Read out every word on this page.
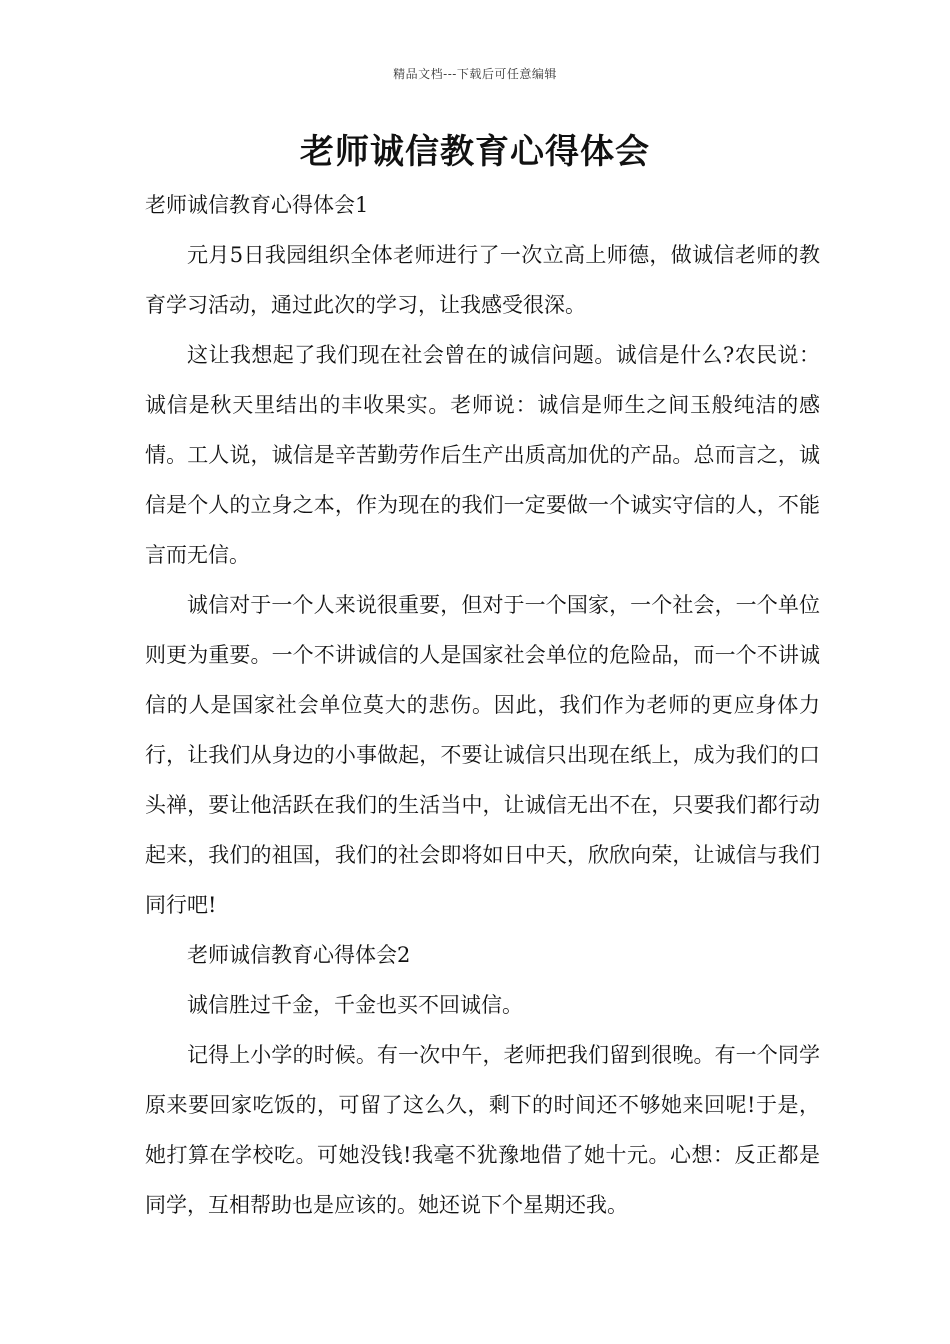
精品文档---下载后可任意编辑
老师诚信教育心得体会

老师诚信教育心得体会1

元月5日我园组织全体老师进行了一次立高上师德，做诚信老师的教育学习活动，通过此次的学习，让我感受很深。

这让我想起了我们现在社会曾在的诚信问题。诚信是什么?农民说：诚信是秋天里结出的丰收果实。老师说：诚信是师生之间玉般纯洁的感情。工人说，诚信是辛苦勤劳作后生产出质高加优的产品。总而言之，诚信是个人的立身之本，作为现在的我们一定要做一个诚实守信的人，不能言而无信。

诚信对于一个人来说很重要，但对于一个国家，一个社会，一个单位则更为重要。一个不讲诚信的人是国家社会单位的危险品，而一个不讲诚信的人是国家社会单位莫大的悲伤。因此，我们作为老师的更应身体力行，让我们从身边的小事做起，不要让诚信只出现在纸上，成为我们的口头禅，要让他活跃在我们的生活当中，让诚信无出不在，只要我们都行动起来，我们的祖国，我们的社会即将如日中天，欣欣向荣，让诚信与我们同行吧!

老师诚信教育心得体会2

诚信胜过千金，千金也买不回诚信。

记得上小学的时候。有一次中午，老师把我们留到很晚。有一个同学原来要回家吃饭的，可留了这么久，剩下的时间还不够她来回呢!于是，她打算在学校吃。可她没钱!我毫不犹豫地借了她十元。心想：反正都是同学，互相帮助也是应该的。她还说下个星期还我。
